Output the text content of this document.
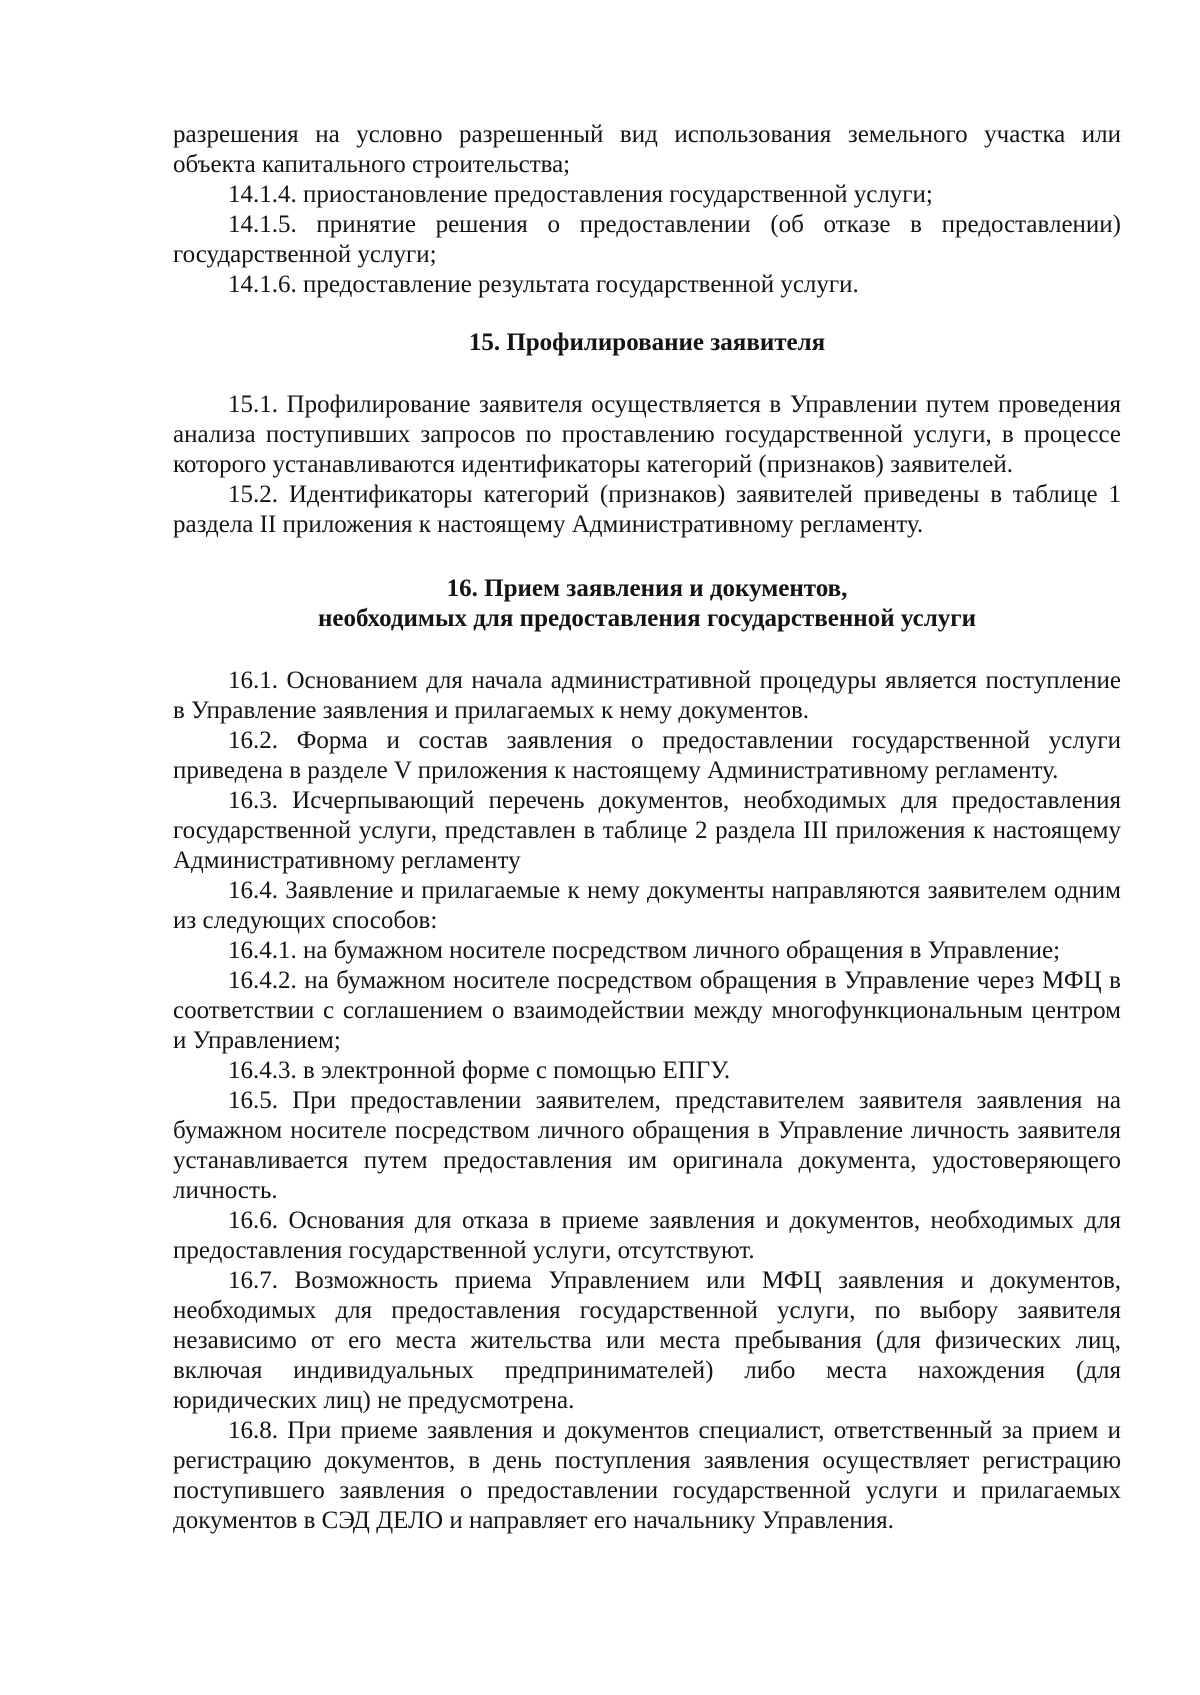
разрешения на условно разрешенный вид использования земельного участка или объекта капитального строительства;

14.1.4. приостановление предоставления государственной услуги;

14.1.5. принятие решения о предоставлении (об отказе в предоставлении) государственной услуги;

14.1.6. предоставление результата государственной услуги.

15. Профилирование заявителя

15.1. Профилирование заявителя осуществляется в Управлении путем проведения анализа поступивших запросов по проставлению государственной услуги, в процессе которого устанавливаются идентификаторы категорий (признаков) заявителей.

15.2. Идентификаторы категорий (признаков) заявителей приведены в таблице 1 раздела II приложения к настоящему Административному регламенту.

16. Прием заявления и документов,
необходимых для предоставления государственной услуги

16.1. Основанием для начала административной процедуры является поступление в Управление заявления и прилагаемых к нему документов.

16.2. Форма и состав заявления о предоставлении государственной услуги приведена в разделе V приложения к настоящему Административному регламенту.

16.3. Исчерпывающий перечень документов, необходимых для предоставления государственной услуги, представлен в таблице 2 раздела III приложения к настоящему Административному регламенту

16.4. Заявление и прилагаемые к нему документы направляются заявителем одним из следующих способов:

16.4.1. на бумажном носителе посредством личного обращения в Управление;

16.4.2. на бумажном носителе посредством обращения в Управление через МФЦ в соответствии с соглашением о взаимодействии между многофункциональным центром и Управлением;

16.4.3. в электронной форме с помощью ЕПГУ.

16.5. При предоставлении заявителем, представителем заявителя заявления на бумажном носителе посредством личного обращения в Управление личность заявителя устанавливается путем предоставления им оригинала документа, удостоверяющего личность.

16.6. Основания для отказа в приеме заявления и документов, необходимых для предоставления государственной услуги, отсутствуют.

16.7. Возможность приема Управлением или МФЦ заявления и документов, необходимых для предоставления государственной услуги, по выбору заявителя независимо от его места жительства или места пребывания (для физических лиц, включая индивидуальных предпринимателей) либо места нахождения (для юридических лиц) не предусмотрена.

16.8. При приеме заявления и документов специалист, ответственный за прием и регистрацию документов, в день поступления заявления осуществляет регистрацию поступившего заявления о предоставлении государственной услуги и прилагаемых документов в СЭД ДЕЛО и направляет его начальнику Управления.
